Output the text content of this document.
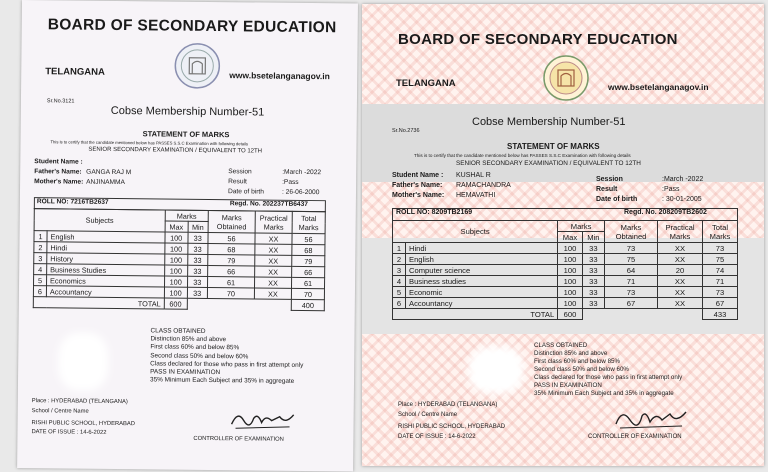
BOARD OF SECONDARY EDUCATION
TELANGANA	www.bsetelanganagov.in
Sr.No.3121
Cobse Membership Number-51
STATEMENT OF MARKS
This is to certify that the candidate mentioned below has PASSES S.S.C Examination with following details
SENIOR SECONDARY EXAMINATION / EQUIVALENT TO 12TH
Student Name :
Father's Name: GANGA RAJ M
Mother's Name: ANJINAMMA
Session	:March -2022
Result	:Pass
Date of birth	: 26-06-2000
ROLL NO: 7216TB2637	Regd. No. 202237TB6437
Subjects		Marks		Marks Obtained	Practical Marks	Total Marks
		Max	Min			
1	English	100	33	56	XX	56
2	Hindi	100	33	68	XX	68
3	History	100	33	79	XX	79
4	Business Studies	100	33	66	XX	66
5	Economics	100	33	61	XX	61
6	Accountancy	100	33	70	XX	70
TOTAL		600				400
CLASS OBTAINED
Distinction 85% and above
First class 60% and below 85%
Second class 50% and below 60%
Class declared for those who pass in first attempt only
PASS IN EXAMINATION
35% Minimum Each Subject and 35% in aggregate
Place : HYDERABAD (TELANGANA)
School / Centre Name
RISHI PUBLIC SCHOOL, HYDERABAD
DATE OF ISSUE : 14-6-2022
CONTROLLER OF EXAMINATION
BOARD OF SECONDARY EDUCATION
TELANGANA	www.bsetelanganagov.in
Sr.No.2736
Cobse Membership Number-51
STATEMENT OF MARKS
This is to certify that the candidate mentioned below has PASSES S.S.C Examination with following details
SENIOR SECONDARY EXAMINATION / EQUIVALENT TO 12TH
Student Name : KUSHAL R
Father's Name: RAMACHANDRA
Mother's Name: HEMAVATHI
Session	:March -2022
Result	:Pass
Date of birth	: 30-01-2005
ROLL NO: 8209TB2169	Regd. No. 208209TB2602
Subjects		Marks		Marks Obtained	Practical Marks	Total Marks
		Max	Min			
1	Hindi	100	33	73	XX	73
2	English	100	33	75	XX	75
3	Computer science	100	33	64	20	74
4	Business studies	100	33	71	XX	71
5	Economic	100	33	73	XX	73
6	Accountancy	100	33	67	XX	67
TOTAL		600				433
CLASS OBTAINED
Distinction 85% and above
First class 60% and below 85%
Second class 50% and below 60%
Class declared for those who pass in first attempt only
PASS IN EXAMINATION
35% Minimum Each Subject and 35% in aggregate
Place : HYDERABAD (TELANGANA)
School / Centre Name
RISHI PUBLIC SCHOOL, HYDERABAD
DATE OF ISSUE : 14-6-2022	CONTROLLER OF EXAMINATION
